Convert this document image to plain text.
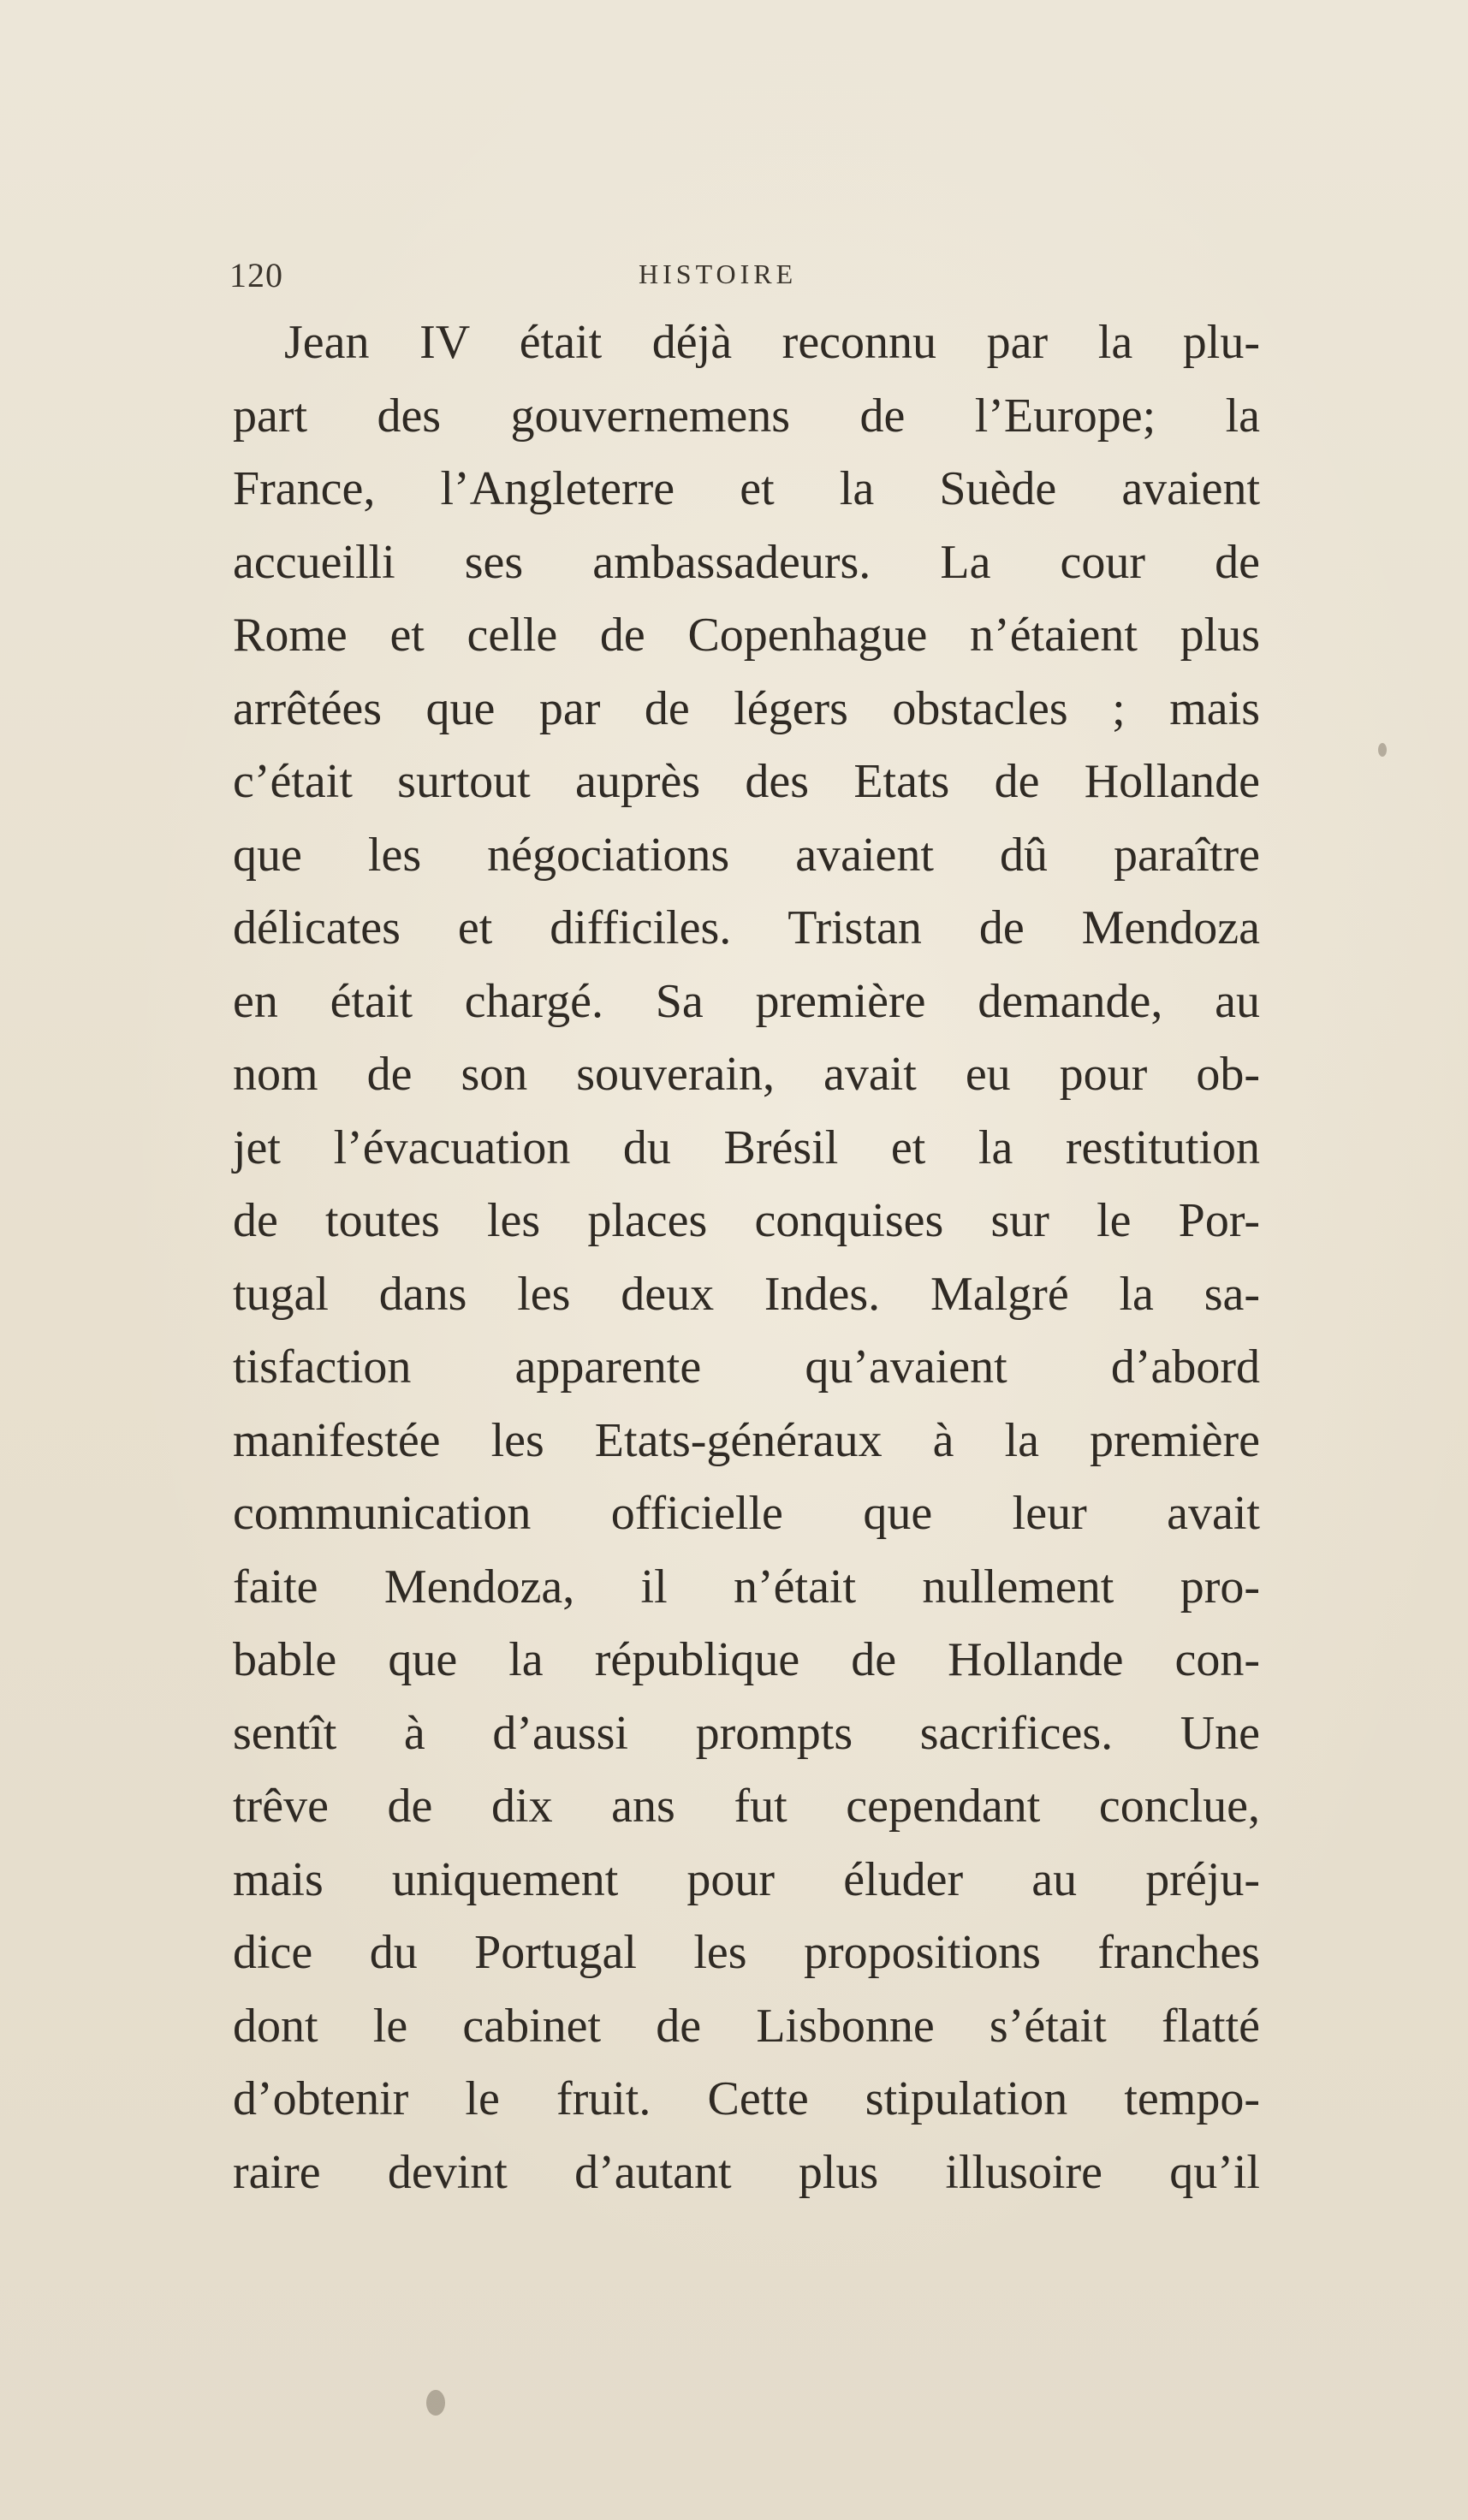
120	HISTOIRE
Jean IV était déjà reconnu par la plu-
part des gouvernemens de l’Europe; la
France, l’Angleterre et la Suède avaient
accueilli ses ambassadeurs. La cour de
Rome et celle de Copenhague n’étaient plus
arrêtées que par de légers obstacles ; mais
c’était surtout auprès des Etats de Hollande
que les négociations avaient dû paraître
délicates et difficiles. Tristan de Mendoza
en était chargé. Sa première demande, au
nom de son souverain, avait eu pour ob-
jet l’évacuation du Brésil et la restitution
de toutes les places conquises sur le Por-
tugal dans les deux Indes. Malgré la sa-
tisfaction apparente qu’avaient d’abord
manifestée les Etats-généraux à la première
communication officielle que leur avait
faite Mendoza, il n’était nullement pro-
bable que la république de Hollande con-
sentît à d’aussi prompts sacrifices. Une
trêve de dix ans fut cependant conclue,
mais uniquement pour éluder au préju-
dice du Portugal les propositions franches
dont le cabinet de Lisbonne s’était flatté
d’obtenir le fruit. Cette stipulation tempo-
raire devint d’autant plus illusoire qu’il
